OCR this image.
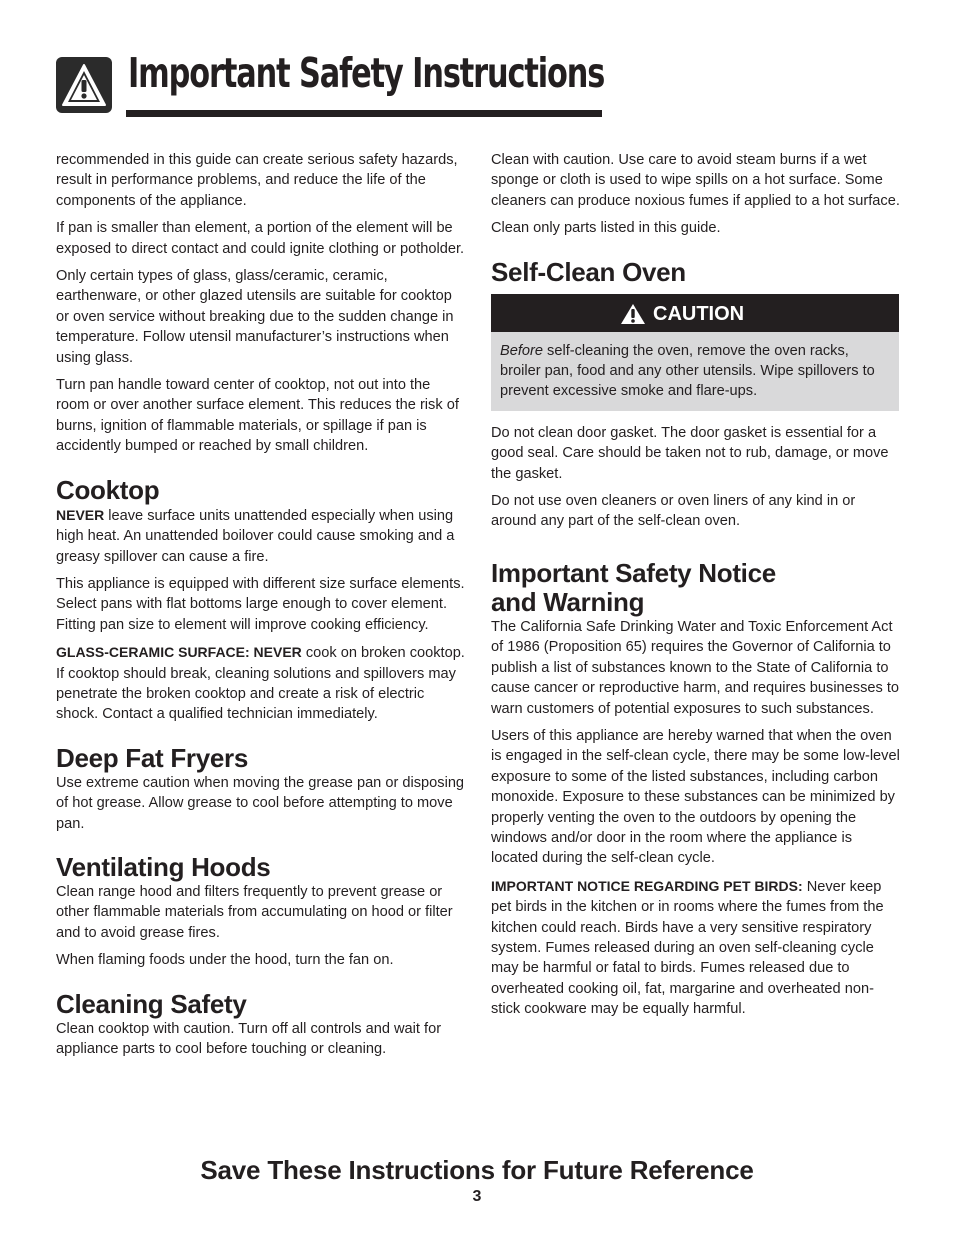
Important Safety Instructions

recommended in this guide can create serious safety hazards, result in performance problems, and reduce the life of the components of the appliance.

If pan is smaller than element, a portion of the element will be exposed to direct contact and could ignite clothing or potholder.

Only certain types of glass, glass/ceramic, ceramic, earthenware, or other glazed utensils are suitable for cooktop or oven service without breaking due to the sudden change in temperature. Follow utensil manufacturer’s instructions when using glass.

Turn pan handle toward center of cooktop, not out into the room or over another surface element. This reduces the risk of burns, ignition of flammable materials, or spillage if pan is accidently bumped or reached by small children.

Cooktop

NEVER leave surface units unattended especially when using high heat. An unattended boilover could cause smoking and a greasy spillover can cause a fire.

This appliance is equipped with different size surface elements. Select pans with flat bottoms large enough to cover element. Fitting pan size to element will improve cooking efficiency.

GLASS-CERAMIC SURFACE: NEVER cook on broken cooktop. If cooktop should break, cleaning solutions and spillovers may penetrate the broken cooktop and create a risk of electric shock. Contact a qualified technician immediately.

Deep Fat Fryers

Use extreme caution when moving the grease pan or disposing of hot grease. Allow grease to cool before attempting to move pan.

Ventilating Hoods

Clean range hood and filters frequently to prevent grease or other flammable materials from accumulating on hood or filter and to avoid grease fires.

When flaming foods under the hood, turn the fan on.

Cleaning Safety

Clean cooktop with caution. Turn off all controls and wait for appliance parts to cool before touching or cleaning.

Clean with caution. Use care to avoid steam burns if a wet sponge or cloth is used to wipe spills on a hot surface. Some cleaners can produce noxious fumes if applied to a hot surface.

Clean only parts listed in this guide.

Self-Clean Oven
CAUTION

Before self-cleaning the oven, remove the oven racks, broiler pan, food and any other utensils. Wipe spillovers to prevent excessive smoke and flare-ups.

Do not clean door gasket. The door gasket is essential for a good seal. Care should be taken not to rub, damage, or move the gasket.

Do not use oven cleaners or oven liners of any kind in or around any part of the self-clean oven.

Important Safety Notice
and Warning

The California Safe Drinking Water and Toxic Enforcement Act of 1986 (Proposition 65) requires the Governor of California to publish a list of substances known to the State of California to cause cancer or reproductive harm, and requires businesses to warn customers of potential exposures to such substances.

Users of this appliance are hereby warned that when the oven is engaged in the self-clean cycle, there may be some low-level exposure to some of the listed substances, including carbon monoxide. Exposure to these substances can be minimized by properly venting the oven to the outdoors by opening the windows and/or door in the room where the appliance is located during the self-clean cycle.

IMPORTANT NOTICE REGARDING PET BIRDS: Never keep pet birds in the kitchen or in rooms where the fumes from the kitchen could reach. Birds have a very sensitive respiratory system. Fumes released during an oven self-cleaning cycle may be harmful or fatal to birds. Fumes released due to overheated cooking oil, fat, margarine and overheated non-stick cookware may be equally harmful.

Save These Instructions for Future Reference
3
